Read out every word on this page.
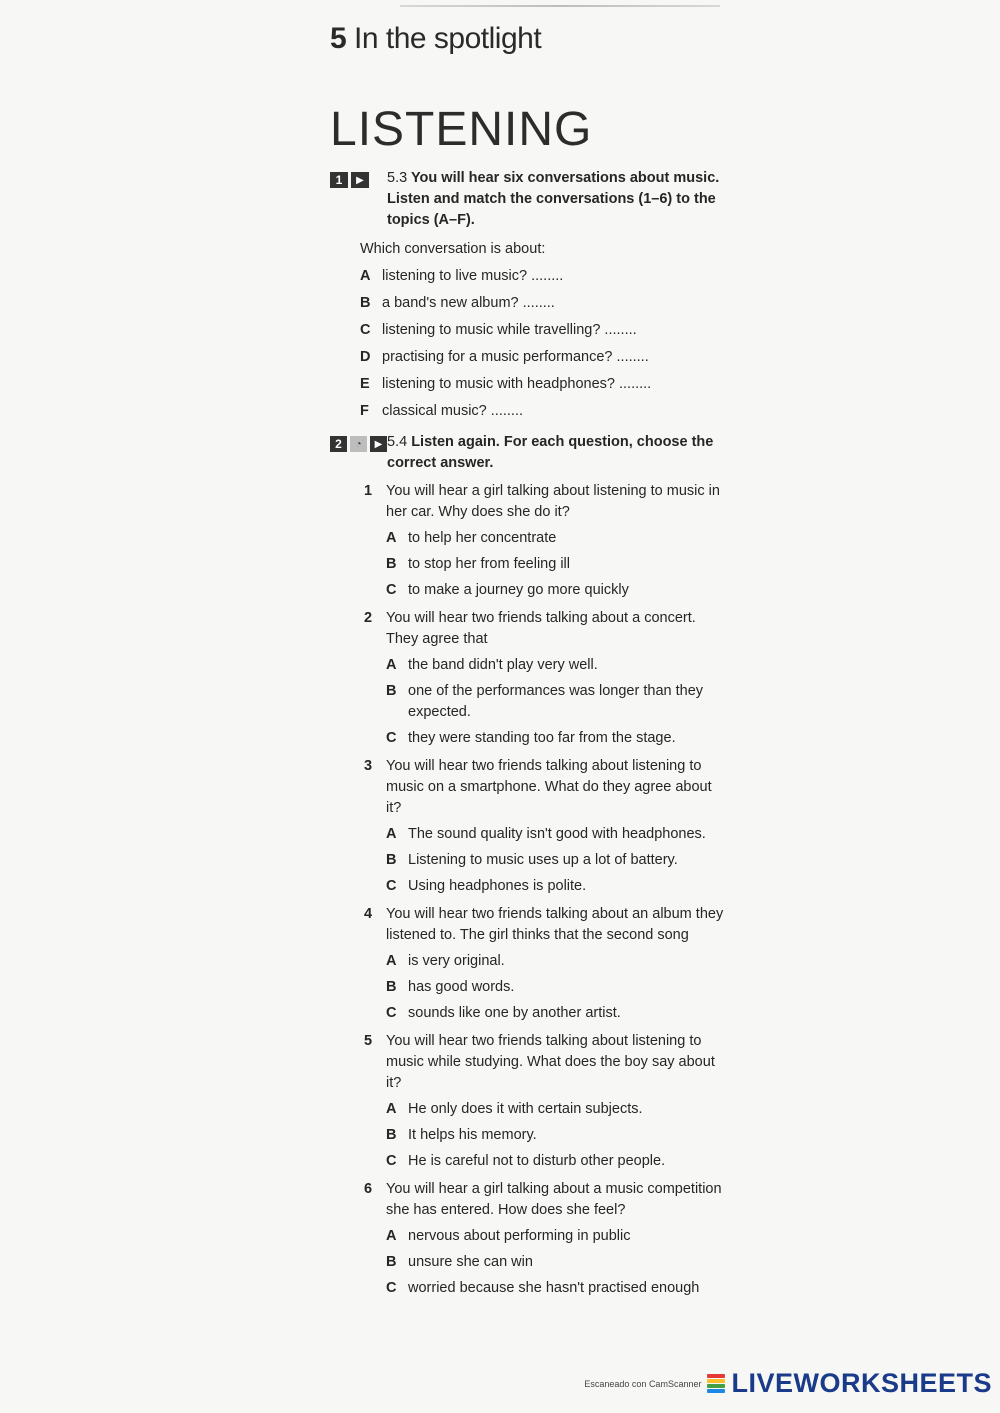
5 In the spotlight
LISTENING
1	▶	5.3 You will hear six conversations about music. Listen and match the conversations (1–6) to the topics (A–F).
Which conversation is about:
A listening to live music? ........
B a band's new album? ........
C listening to music while travelling? ........
D practising for a music performance? ........
E listening to music with headphones? ........
F classical music? ........
2	◔	▶ 5.4 Listen again. For each question, choose the correct answer.
1 You will hear a girl talking about listening to music in her car. Why does she do it?
A to help her concentrate
B to stop her from feeling ill
C to make a journey go more quickly
2 You will hear two friends talking about a concert. They agree that
A the band didn't play very well.
B one of the performances was longer than they expected.
C they were standing too far from the stage.
3 You will hear two friends talking about listening to music on a smartphone. What do they agree about it?
A The sound quality isn't good with headphones.
B Listening to music uses up a lot of battery.
C Using headphones is polite.
4 You will hear two friends talking about an album they listened to. The girl thinks that the second song
A is very original.
B has good words.
C sounds like one by another artist.
5 You will hear two friends talking about listening to music while studying. What does the boy say about it?
A He only does it with certain subjects.
B It helps his memory.
C He is careful not to disturb other people.
6 You will hear a girl talking about a music competition she has entered. How does she feel?
A nervous about performing in public
B unsure she can win
C worried because she hasn't practised enough
Escaneado con CamScanner LIVEWORKSHEETS
